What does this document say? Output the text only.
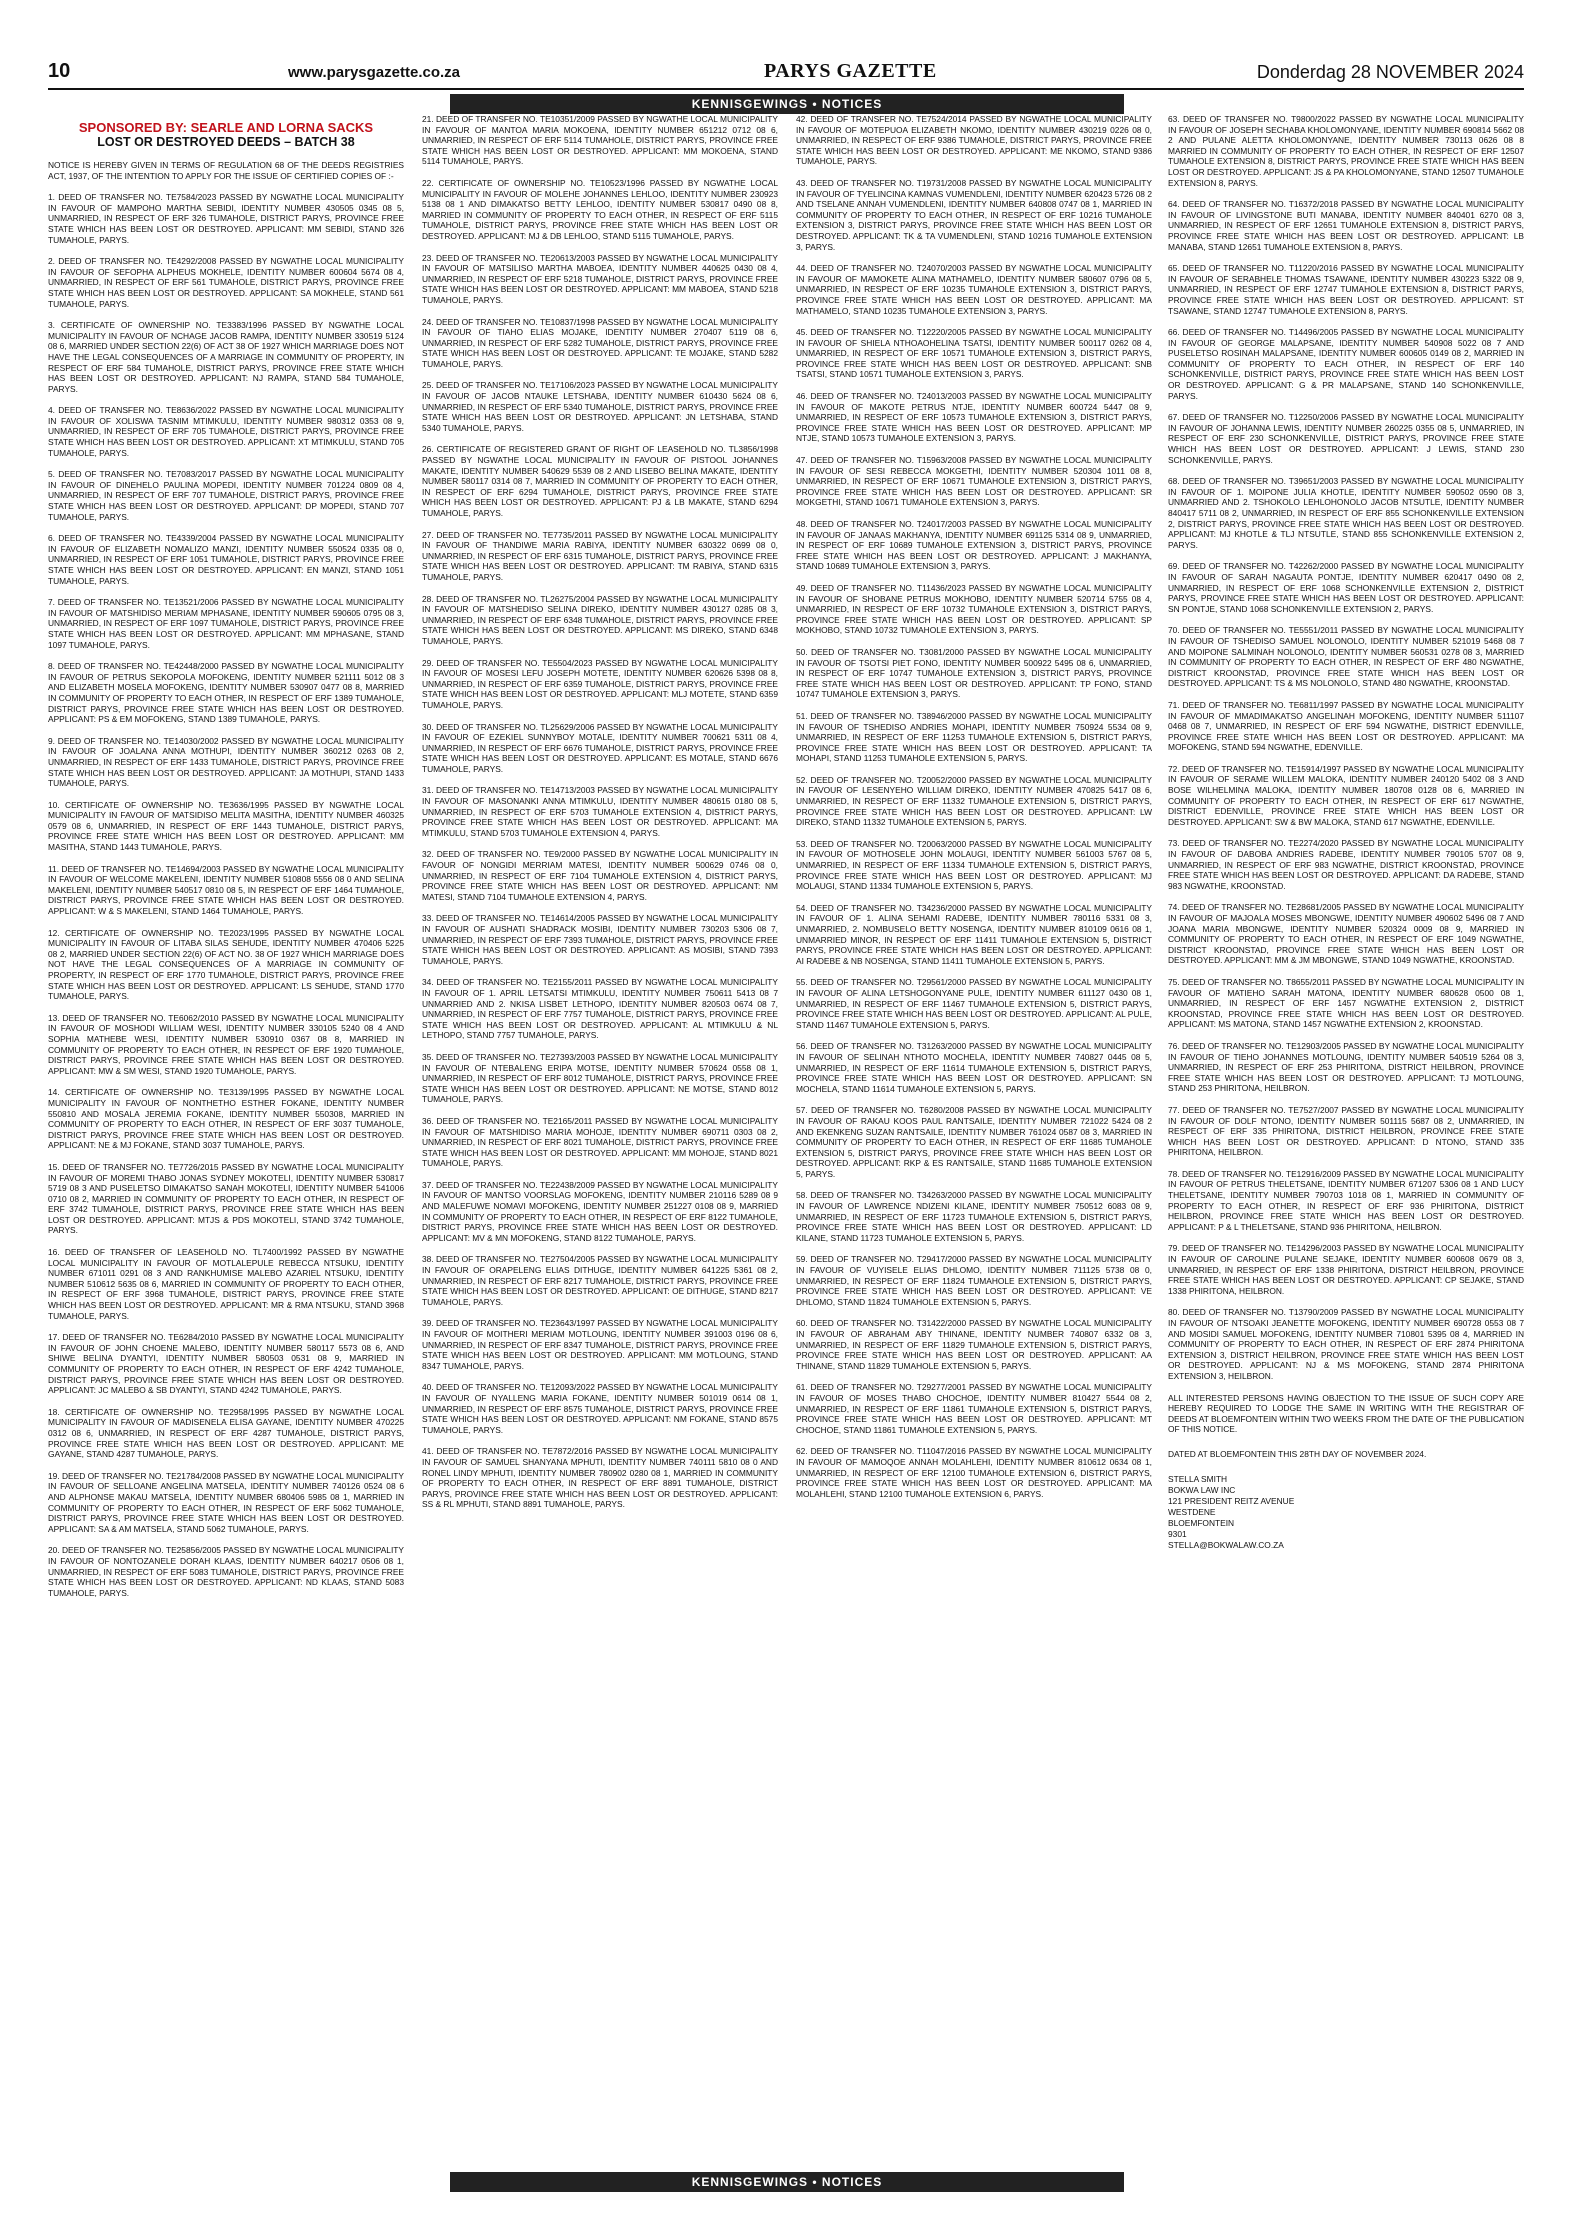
10	www.parysgazette.co.za	PARYS GAZETTE	Donderdag 28 NOVEMBER 2024
KENNISGEWINGS • NOTICES
SPONSORED BY: SEARLE AND LORNA SACKS
LOST OR DESTROYED DEEDS – BATCH 38
NOTICE IS HEREBY GIVEN IN TERMS OF REGULATION 68 OF THE DEEDS REGISTRIES ACT, 1937, OF THE INTENTION TO APPLY FOR THE ISSUE OF CERTIFIED COPIES OF :-
1. DEED OF TRANSFER NO. TE7584/2023 PASSED BY NGWATHE LOCAL MUNICIPALITY IN FAVOUR OF MAMPOHO MARTHA SEBIDI, IDENTITY NUMBER 430505 0345 08 5, UNMARRIED, IN RESPECT OF ERF 326 TUMAHOLE, DISTRICT PARYS, PROVINCE FREE STATE WHICH HAS BEEN LOST OR DESTROYED. APPLICANT: MM SEBIDI, STAND 326 TUMAHOLE, PARYS.
2. DEED OF TRANSFER NO. TE4292/2008 PASSED BY NGWATHE LOCAL MUNICIPALITY IN FAVOUR OF SEFOPHA ALPHEUS MOKHELE, IDENTITY NUMBER 600604 5674 08 4, UNMARRIED, IN RESPECT OF ERF 561 TUMAHOLE, DISTRICT PARYS, PROVINCE FREE STATE WHICH HAS BEEN LOST OR DESTROYED. APPLICANT: SA MOKHELE, STAND 561 TUMAHOLE, PARYS.
3. CERTIFICATE OF OWNERSHIP NO. TE3383/1996 PASSED BY NGWATHE LOCAL MUNICIPALITY IN FAVOUR OF NCHAGE JACOB RAMPA, IDENTITY NUMBER 330519 5124 08 6, MARRIED UNDER SECTION 22(6) OF ACT 38 OF 1927 WHICH MARRIAGE DOES NOT HAVE THE LEGAL CONSEQUENCES OF A MARRIAGE IN COMMUNITY OF PROPERTY, IN RESPECT OF ERF 584 TUMAHOLE, DISTRICT PARYS, PROVINCE FREE STATE WHICH HAS BEEN LOST OR DESTROYED. APPLICANT: NJ RAMPA, STAND 584 TUMAHOLE, PARYS.
4. DEED OF TRANSFER NO. TE8636/2022 PASSED BY NGWATHE LOCAL MUNICIPALITY IN FAVOUR OF XOLISWA TASNIM MTIMKULU, IDENTITY NUMBER 980312 0353 08 9, UNMARRIED, IN RESPECT OF ERF 705 TUMAHOLE, DISTRICT PARYS, PROVINCE FREE STATE WHICH HAS BEEN LOST OR DESTROYED. APPLICANT: XT MTIMKULU, STAND 705 TUMAHOLE, PARYS.
5. DEED OF TRANSFER NO. TE7083/2017 PASSED BY NGWATHE LOCAL MUNICIPALITY IN FAVOUR OF DINEHELO PAULINA MOPEDI, IDENTITY NUMBER 701224 0809 08 4, UNMARRIED, IN RESPECT OF ERF 707 TUMAHOLE, DISTRICT PARYS, PROVINCE FREE STATE WHICH HAS BEEN LOST OR DESTROYED. APPLICANT: DP MOPEDI, STAND 707 TUMAHOLE, PARYS.
6. DEED OF TRANSFER NO. TE4339/2004 PASSED BY NGWATHE LOCAL MUNICIPALITY IN FAVOUR OF ELIZABETH NOMALIZO MANZI, IDENTITY NUMBER 550524 0335 08 0, UNMARRIED, IN RESPECT OF ERF 1051 TUMAHOLE, DISTRICT PARYS, PROVINCE FREE STATE WHICH HAS BEEN LOST OR DESTROYED. APPLICANT: EN MANZI, STAND 1051 TUMAHOLE, PARYS.
7. DEED OF TRANSFER NO. TE13521/2006 PASSED BY NGWATHE LOCAL MUNICIPALITY IN FAVOUR OF MATSHIDISO MERIAM MPHASANE, IDENTITY NUMBER 590605 0795 08 3, UNMARRIED, IN RESPECT OF ERF 1097 TUMAHOLE, DISTRICT PARYS, PROVINCE FREE STATE WHICH HAS BEEN LOST OR DESTROYED. APPLICANT: MM MPHASANE, STAND 1097 TUMAHOLE, PARYS.
8. DEED OF TRANSFER NO. TE42448/2000 PASSED BY NGWATHE LOCAL MUNICIPALITY IN FAVOUR OF PETRUS SEKOPOLA MOFOKENG, IDENTITY NUMBER 521111 5012 08 3 AND ELIZABETH MOSELA MOFOKENG, IDENTITY NUMBER 530907 0477 08 8, MARRIED IN COMMUNITY OF PROPERTY TO EACH OTHER, IN RESPECT OF ERF 1389 TUMAHOLE, DISTRICT PARYS, PROVINCE FREE STATE WHICH HAS BEEN LOST OR DESTROYED. APPLICANT: PS & EM MOFOKENG, STAND 1389 TUMAHOLE, PARYS.
9. DEED OF TRANSFER NO. TE14030/2002 PASSED BY NGWATHE LOCAL MUNICIPALITY IN FAVOUR OF JOALANA ANNA MOTHUPI, IDENTITY NUMBER 360212 0263 08 2, UNMARRIED, IN RESPECT OF ERF 1433 TUMAHOLE, DISTRICT PARYS, PROVINCE FREE STATE WHICH HAS BEEN LOST OR DESTROYED. APPLICANT: JA MOTHUPI, STAND 1433 TUMAHOLE, PARYS.
10. CERTIFICATE OF OWNERSHIP NO. TE3636/1995 PASSED BY NGWATHE LOCAL MUNICIPALITY IN FAVOUR OF MATSIDISO MELITA MASITHA, IDENTITY NUMBER 460325 0579 08 6, UNMARRIED, IN RESPECT OF ERF 1443 TUMAHOLE, DISTRICT PARYS, PROVINCE FREE STATE WHICH HAS BEEN LOST OR DESTROYED. APPLICANT: MM MASITHA, STAND 1443 TUMAHOLE, PARYS.
11. DEED OF TRANSFER NO. TE14694/2003 PASSED BY NGWATHE LOCAL MUNICIPALITY IN FAVOUR OF WELCOME MAKELENI, IDENTITY NUMBER 510808 5556 08 0 AND SELINA MAKELENI, IDENTITY NUMBER 540517 0810 08 5, IN RESPECT OF ERF 1464 TUMAHOLE, DISTRICT PARYS, PROVINCE FREE STATE WHICH HAS BEEN LOST OR DESTROYED. APPLICANT: W & S MAKELENI, STAND 1464 TUMAHOLE, PARYS.
12. CERTIFICATE OF OWNERSHIP NO. TE2023/1995 PASSED BY NGWATHE LOCAL MUNICIPALITY IN FAVOUR OF LITABA SILAS SEHUDE, IDENTITY NUMBER 470406 5225 08 2, MARRIED UNDER SECTION 22(6) OF ACT NO. 38 OF 1927 WHICH MARRIAGE DOES NOT HAVE THE LEGAL CONSEQUENCES OF A MARRIAGE IN COMMUNITY OF PROPERTY, IN RESPECT OF ERF 1770 TUMAHOLE, DISTRICT PARYS, PROVINCE FREE STATE WHICH HAS BEEN LOST OR DESTROYED. APPLICANT: LS SEHUDE, STAND 1770 TUMAHOLE, PARYS.
13. DEED OF TRANSFER NO. TE6062/2010 PASSED BY NGWATHE LOCAL MUNICIPALITY IN FAVOUR OF MOSHODI WILLIAM WESI, IDENTITY NUMBER 330105 5240 08 4 AND SOPHIA MATHEBE WESI, IDENTITY NUMBER 530910 0367 08 8, MARRIED IN COMMUNITY OF PROPERTY TO EACH OTHER, IN RESPECT OF ERF 1920 TUMAHOLE, DISTRICT PARYS, PROVINCE FREE STATE WHICH HAS BEEN LOST OR DESTROYED. APPLICANT: MW & SM WESI, STAND 1920 TUMAHOLE, PARYS.
14. CERTIFICATE OF OWNERSHIP NO. TE3139/1995 PASSED BY NGWATHE LOCAL MUNICIPALITY IN FAVOUR OF NONTHETHO ESTHER FOKANE, IDENTITY NUMBER 550810 AND MOSALA JEREMIA FOKANE, IDENTITY NUMBER 550308, MARRIED IN COMMUNITY OF PROPERTY TO EACH OTHER, IN RESPECT OF ERF 3037 TUMAHOLE, DISTRICT PARYS, PROVINCE FREE STATE WHICH HAS BEEN LOST OR DESTROYED. APPLICANT: NE & MJ FOKANE, STAND 3037 TUMAHOLE, PARYS.
15. DEED OF TRANSFER NO. TE7726/2015 PASSED BY NGWATHE LOCAL MUNICIPALITY IN FAVOUR OF MOREMI THABO JONAS SYDNEY MOKOTELI, IDENTITY NUMBER 530817 5719 08 3 AND PUSELETSO DIMAKATSO SANAH MOKOTELI, IDENTITY NUMBER 541006 0710 08 2, MARRIED IN COMMUNITY OF PROPERTY TO EACH OTHER, IN RESPECT OF ERF 3742 TUMAHOLE, DISTRICT PARYS, PROVINCE FREE STATE WHICH HAS BEEN LOST OR DESTROYED. APPLICANT: MTJS & PDS MOKOTELI, STAND 3742 TUMAHOLE, PARYS.
16. DEED OF TRANSFER OF LEASEHOLD NO. TL7400/1992 PASSED BY NGWATHE LOCAL MUNICIPALITY IN FAVOUR OF MOTLALEPULE REBECCA NTSUKU, IDENTITY NUMBER 671011 0291 08 3 AND RANKHUMISE MALEBO AZARIEL NTSUKU, IDENTITY NUMBER 510612 5635 08 6, MARRIED IN COMMUNITY OF PROPERTY TO EACH OTHER, IN RESPECT OF ERF 3968 TUMAHOLE, DISTRICT PARYS, PROVINCE FREE STATE WHICH HAS BEEN LOST OR DESTROYED. APPLICANT: MR & RMA NTSUKU, STAND 3968 TUMAHOLE, PARYS.
17. DEED OF TRANSFER NO. TE6284/2010 PASSED BY NGWATHE LOCAL MUNICIPALITY IN FAVOUR OF JOHN CHOENE MALEBO, IDENTITY NUMBER 580117 5573 08 6, AND SHIWE BELINA DYANTYI, IDENTITY NUMBER 580503 0531 08 9, MARRIED IN COMMUNITY OF PROPERTY TO EACH OTHER, IN RESPECT OF ERF 4242 TUMAHOLE, DISTRICT PARYS, PROVINCE FREE STATE WHICH HAS BEEN LOST OR DESTROYED. APPLICANT: JC MALEBO & SB DYANTYI, STAND 4242 TUMAHOLE, PARYS.
18. CERTIFICATE OF OWNERSHIP NO. TE2958/1995 PASSED BY NGWATHE LOCAL MUNICIPALITY IN FAVOUR OF MADISENELA ELISA GAYANE, IDENTITY NUMBER 470225 0312 08 6, UNMARRIED, IN RESPECT OF ERF 4287 TUMAHOLE, DISTRICT PARYS, PROVINCE FREE STATE WHICH HAS BEEN LOST OR DESTROYED. APPLICANT: ME GAYANE, STAND 4287 TUMAHOLE, PARYS.
19. DEED OF TRANSFER NO. TE21784/2008 PASSED BY NGWATHE LOCAL MUNICIPALITY IN FAVOUR OF SELLOANE ANGELINA MATSELA, IDENTITY NUMBER 740126 0524 08 6 AND ALPHONSE MAKAU MATSELA, IDENTITY NUMBER 680406 5985 08 1, MARRIED IN COMMUNITY OF PROPERTY TO EACH OTHER, IN RESPECT OF ERF 5062 TUMAHOLE, DISTRICT PARYS, PROVINCE FREE STATE WHICH HAS BEEN LOST OR DESTROYED. APPLICANT: SA & AM MATSELA, STAND 5062 TUMAHOLE, PARYS.
20. DEED OF TRANSFER NO. TE25856/2005 PASSED BY NGWATHE LOCAL MUNICIPALITY IN FAVOUR OF NONTOZANELE DORAH KLAAS, IDENTITY NUMBER 640217 0506 08 1, UNMARRIED, IN RESPECT OF ERF 5083 TUMAHOLE, DISTRICT PARYS, PROVINCE FREE STATE WHICH HAS BEEN LOST OR DESTROYED. APPLICANT: ND KLAAS, STAND 5083 TUMAHOLE, PARYS.
21. DEED OF TRANSFER NO. TE10351/2009 PASSED BY NGWATHE LOCAL MUNICIPALITY IN FAVOUR OF MANTOA MARIA MOKOENA, IDENTITY NUMBER 651212 0712 08 6, UNMARRIED, IN RESPECT OF ERF 5114 TUMAHOLE, DISTRICT PARYS, PROVINCE FREE STATE WHICH HAS BEEN LOST OR DESTROYED. APPLICANT: MM MOKOENA, STAND 5114 TUMAHOLE, PARYS.
22. CERTIFICATE OF OWNERSHIP NO. TE10523/1996 PASSED BY NGWATHE LOCAL MUNICIPALITY IN FAVOUR OF MOLEHE JOHANNES LEHLOO, IDENTITY NUMBER 230923 5138 08 1 AND DIMAKATSO BETTY LEHLOO, IDENTITY NUMBER 530817 0490 08 8, MARRIED IN COMMUNITY OF PROPERTY TO EACH OTHER, IN RESPECT OF ERF 5115 TUMAHOLE, DISTRICT PARYS, PROVINCE FREE STATE WHICH HAS BEEN LOST OR DESTROYED. APPLICANT: MJ & DB LEHLOO, STAND 5115 TUMAHOLE, PARYS.
23. DEED OF TRANSFER NO. TE20613/2003 PASSED BY NGWATHE LOCAL MUNICIPALITY IN FAVOUR OF MATSILISO MARTHA MABOEA, IDENTITY NUMBER 440625 0430 08 4, UNMARRIED, IN RESPECT OF ERF 5218 TUMAHOLE, DISTRICT PARYS, PROVINCE FREE STATE WHICH HAS BEEN LOST OR DESTROYED. APPLICANT: MM MABOEA, STAND 5218 TUMAHOLE, PARYS.
24. DEED OF TRANSFER NO. TE10837/1998 PASSED BY NGWATHE LOCAL MUNICIPALITY IN FAVOUR OF TIAHO ELIAS MOJAKE, IDENTITY NUMBER 270407 5119 08 6, UNMARRIED, IN RESPECT OF ERF 5282 TUMAHOLE, DISTRICT PARYS, PROVINCE FREE STATE WHICH HAS BEEN LOST OR DESTROYED. APPLICANT: TE MOJAKE, STAND 5282 TUMAHOLE, PARYS.
25. DEED OF TRANSFER NO. TE17106/2023 PASSED BY NGWATHE LOCAL MUNICIPALITY IN FAVOUR OF JACOB NTAUKE LETSHABA, IDENTITY NUMBER 610430 5624 08 6, UNMARRIED, IN RESPECT OF ERF 5340 TUMAHOLE, DISTRICT PARYS, PROVINCE FREE STATE WHICH HAS BEEN LOST OR DESTROYED. APPLICANT: JN LETSHABA, STAND 5340 TUMAHOLE, PARYS.
26. CERTIFICATE OF REGISTERED GRANT OF RIGHT OF LEASEHOLD NO. TL3856/1998 PASSED BY NGWATHE LOCAL MUNICIPALITY IN FAVOUR OF PISTOOL JOHANNES MAKATE, IDENTITY NUMBER 540629 5539 08 2 AND LISEBO BELINA MAKATE, IDENTITY NUMBER 580117 0314 08 7, MARRIED IN COMMUNITY OF PROPERTY TO EACH OTHER, IN RESPECT OF ERF 6294 TUMAHOLE, DISTRICT PARYS, PROVINCE FREE STATE WHICH HAS BEEN LOST OR DESTROYED. APPLICANT: PJ & LB MAKATE, STAND 6294 TUMAHOLE, PARYS.
27. DEED OF TRANSFER NO. TE7735/2011 PASSED BY NGWATHE LOCAL MUNICIPALITY IN FAVOUR OF THANDIWE MARIA RABIYA, IDENTITY NUMBER 630322 0699 08 0, UNMARRIED, IN RESPECT OF ERF 6315 TUMAHOLE, DISTRICT PARYS, PROVINCE FREE STATE WHICH HAS BEEN LOST OR DESTROYED. APPLICANT: TM RABIYA, STAND 6315 TUMAHOLE, PARYS.
28. DEED OF TRANSFER NO. TL26275/2004 PASSED BY NGWATHE LOCAL MUNICIPALITY IN FAVOUR OF MATSHEDISO SELINA DIREKO, IDENTITY NUMBER 430127 0285 08 3, UNMARRIED, IN RESPECT OF ERF 6348 TUMAHOLE, DISTRICT PARYS, PROVINCE FREE STATE WHICH HAS BEEN LOST OR DESTROYED. APPLICANT: MS DIREKO, STAND 6348 TUMAHOLE, PARYS.
29. DEED OF TRANSFER NO. TE5504/2023 PASSED BY NGWATHE LOCAL MUNICIPALITY IN FAVOUR OF MOSESI LEFU JOSEPH MOTETE, IDENTITY NUMBER 620626 5398 08 8, UNMARRIED, IN RESPECT OF ERF 6359 TUMAHOLE, DISTRICT PARYS, PROVINCE FREE STATE WHICH HAS BEEN LOST OR DESTROYED. APPLICANT: MLJ MOTETE, STAND 6359 TUMAHOLE, PARYS.
30. DEED OF TRANSFER NO. TL25629/2006 PASSED BY NGWATHE LOCAL MUNICIPALITY IN FAVOUR OF EZEKIEL SUNNYBOY MOTALE, IDENTITY NUMBER 700621 5311 08 4, UNMARRIED, IN RESPECT OF ERF 6676 TUMAHOLE, DISTRICT PARYS, PROVINCE FREE STATE WHICH HAS BEEN LOST OR DESTROYED. APPLICANT: ES MOTALE, STAND 6676 TUMAHOLE, PARYS.
31. DEED OF TRANSFER NO. TE14713/2003 PASSED BY NGWATHE LOCAL MUNICIPALITY IN FAVOUR OF MASONANKI ANNA MTIMKULU, IDENTITY NUMBER 480615 0180 08 5, UNMARRIED, IN RESPECT OF ERF 5703 TUMAHOLE EXTENSION 4, DISTRICT PARYS, PROVINCE FREE STATE WHICH HAS BEEN LOST OR DESTROYED. APPLICANT: MA MTIMKULU, STAND 5703 TUMAHOLE EXTENSION 4, PARYS.
32. DEED OF TRANSFER NO. TE9/2000 PASSED BY NGWATHE LOCAL MUNICIPALITY IN FAVOUR OF NONGIDI MERRIAM MATESI, IDENTITY NUMBER 500629 0746 08 0, UNMARRIED, IN RESPECT OF ERF 7104 TUMAHOLE EXTENSION 4, DISTRICT PARYS, PROVINCE FREE STATE WHICH HAS BEEN LOST OR DESTROYED. APPLICANT: NM MATESI, STAND 7104 TUMAHOLE EXTENSION 4, PARYS.
33. DEED OF TRANSFER NO. TE14614/2005 PASSED BY NGWATHE LOCAL MUNICIPALITY IN FAVOUR OF AUSHATI SHADRACK MOSIBI, IDENTITY NUMBER 730203 5306 08 7, UNMARRIED, IN RESPECT OF ERF 7393 TUMAHOLE, DISTRICT PARYS, PROVINCE FREE STATE WHICH HAS BEEN LOST OR DESTROYED. APPLICANT: AS MOSIBI, STAND 7393 TUMAHOLE, PARYS.
34. DEED OF TRANSFER NO. TE2155/2011 PASSED BY NGWATHE LOCAL MUNICIPALITY IN FAVOUR OF 1. APRIL LETSATSI MTIMKULU, IDENTITY NUMBER 750611 5413 08 7 UNMARRIED AND 2. NKISA LISBET LETHOPO, IDENTITY NUMBER 820503 0674 08 7, UNMARRIED, IN RESPECT OF ERF 7757 TUMAHOLE, DISTRICT PARYS, PROVINCE FREE STATE WHICH HAS BEEN LOST OR DESTROYED. APPLICANT: AL MTIMKULU & NL LETHOPO, STAND 7757 TUMAHOLE, PARYS.
35. DEED OF TRANSFER NO. TE27393/2003 PASSED BY NGWATHE LOCAL MUNICIPALITY IN FAVOUR OF NTEBALENG ERIPA MOTSE, IDENTITY NUMBER 570624 0558 08 1, UNMARRIED, IN RESPECT OF ERF 8012 TUMAHOLE, DISTRICT PARYS, PROVINCE FREE STATE WHICH HAS BEEN LOST OR DESTROYED. APPLICANT: NE MOTSE, STAND 8012 TUMAHOLE, PARYS.
36. DEED OF TRANSFER NO. TE2165/2011 PASSED BY NGWATHE LOCAL MUNICIPALITY IN FAVOUR OF MATSHIDISO MARIA MOHOJE, IDENTITY NUMBER 690711 0303 08 2, UNMARRIED, IN RESPECT OF ERF 8021 TUMAHOLE, DISTRICT PARYS, PROVINCE FREE STATE WHICH HAS BEEN LOST OR DESTROYED. APPLICANT: MM MOHOJE, STAND 8021 TUMAHOLE, PARYS.
37. DEED OF TRANSFER NO. TE22438/2009 PASSED BY NGWATHE LOCAL MUNICIPALITY IN FAVOUR OF MANTSO VOORSLAG MOFOKENG, IDENTITY NUMBER 210116 5289 08 9 AND MALEFUWE NOMAVI MOFOKENG, IDENTITY NUMBER 251227 0108 08 9, MARRIED IN COMMUNITY OF PROPERTY TO EACH OTHER, IN RESPECT OF ERF 8122 TUMAHOLE, DISTRICT PARYS, PROVINCE FREE STATE WHICH HAS BEEN LOST OR DESTROYED. APPLICANT: MV & MN MOFOKENG, STAND 8122 TUMAHOLE, PARYS.
38. DEED OF TRANSFER NO. TE27504/2005 PASSED BY NGWATHE LOCAL MUNICIPALITY IN FAVOUR OF ORAPELENG ELIAS DITHUGE, IDENTITY NUMBER 641225 5361 08 2, UNMARRIED, IN RESPECT OF ERF 8217 TUMAHOLE, DISTRICT PARYS, PROVINCE FREE STATE WHICH HAS BEEN LOST OR DESTROYED. APPLICANT: OE DITHUGE, STAND 8217 TUMAHOLE, PARYS.
39. DEED OF TRANSFER NO. TE23643/1997 PASSED BY NGWATHE LOCAL MUNICIPALITY IN FAVOUR OF MOITHERI MERIAM MOTLOUNG, IDENTITY NUMBER 391003 0196 08 6, UNMARRIED, IN RESPECT OF ERF 8347 TUMAHOLE, DISTRICT PARYS, PROVINCE FREE STATE WHICH HAS BEEN LOST OR DESTROYED. APPLICANT: MM MOTLOUNG, STAND 8347 TUMAHOLE, PARYS.
40. DEED OF TRANSFER NO. TE12093/2022 PASSED BY NGWATHE LOCAL MUNICIPALITY IN FAVOUR OF NYALLENG MARIA FOKANE, IDENTITY NUMBER 501019 0614 08 1, UNMARRIED, IN RESPECT OF ERF 8575 TUMAHOLE, DISTRICT PARYS, PROVINCE FREE STATE WHICH HAS BEEN LOST OR DESTROYED. APPLICANT: NM FOKANE, STAND 8575 TUMAHOLE, PARYS.
41. DEED OF TRANSFER NO. TE7872/2016 PASSED BY NGWATHE LOCAL MUNICIPALITY IN FAVOUR OF SAMUEL SHANYANA MPHUTI, IDENTITY NUMBER 740111 5810 08 0 AND RONEL LINDY MPHUTI, IDENTITY NUMBER 780902 0280 08 1, MARRIED IN COMMUNITY OF PROPERTY TO EACH OTHER, IN RESPECT OF ERF 8891 TUMAHOLE, DISTRICT PARYS, PROVINCE FREE STATE WHICH HAS BEEN LOST OR DESTROYED. APPLICANT: SS & RL MPHUTI, STAND 8891 TUMAHOLE, PARYS.
42. DEED OF TRANSFER NO. TE7524/2014 PASSED BY NGWATHE LOCAL MUNICIPALITY IN FAVOUR OF MOTEPUOA ELIZABETH NKOMO, IDENTITY NUMBER 430219 0226 08 0, UNMARRIED, IN RESPECT OF ERF 9386 TUMAHOLE, DISTRICT PARYS, PROVINCE FREE STATE WHICH HAS BEEN LOST OR DESTROYED. APPLICANT: ME NKOMO, STAND 9386 TUMAHOLE, PARYS.
43. DEED OF TRANSFER NO. T19731/2008 PASSED BY NGWATHE LOCAL MUNICIPALITY IN FAVOUR OF TYELINCINA KAMNAS VUMENDLENI, IDENTITY NUMBER 620423 5726 08 2 AND TSELANE ANNAH VUMENDLENI, IDENTITY NUMBER 640808 0747 08 1, MARRIED IN COMMUNITY OF PROPERTY TO EACH OTHER, IN RESPECT OF ERF 10216 TUMAHOLE EXTENSION 3, DISTRICT PARYS, PROVINCE FREE STATE WHICH HAS BEEN LOST OR DESTROYED. APPLICANT: TK & TA VUMENDLENI, STAND 10216 TUMAHOLE EXTENSION 3, PARYS.
44. DEED OF TRANSFER NO. T24070/2003 PASSED BY NGWATHE LOCAL MUNICIPALITY IN FAVOUR OF MAMOKETE ALINA MATHAMELO, IDENTITY NUMBER 580607 0796 08 5, UNMARRIED, IN RESPECT OF ERF 10235 TUMAHOLE EXTENSION 3, DISTRICT PARYS, PROVINCE FREE STATE WHICH HAS BEEN LOST OR DESTROYED. APPLICANT: MA MATHAMELO, STAND 10235 TUMAHOLE EXTENSION 3, PARYS.
45. DEED OF TRANSFER NO. T12220/2005 PASSED BY NGWATHE LOCAL MUNICIPALITY IN FAVOUR OF SHIELA NTHOAOHELINA TSATSI, IDENTITY NUMBER 500117 0262 08 4, UNMARRIED, IN RESPECT OF ERF 10571 TUMAHOLE EXTENSION 3, DISTRICT PARYS, PROVINCE FREE STATE WHICH HAS BEEN LOST OR DESTROYED. APPLICANT: SNB TSATSI, STAND 10571 TUMAHOLE EXTENSION 3, PARYS.
46. DEED OF TRANSFER NO. T24013/2003 PASSED BY NGWATHE LOCAL MUNICIPALITY IN FAVOUR OF MAKOTE PETRUS NTJE, IDENTITY NUMBER 600724 5447 08 9, UNMARRIED, IN RESPECT OF ERF 10573 TUMAHOLE EXTENSION 3, DISTRICT PARYS, PROVINCE FREE STATE WHICH HAS BEEN LOST OR DESTROYED. APPLICANT: MP NTJE, STAND 10573 TUMAHOLE EXTENSION 3, PARYS.
47. DEED OF TRANSFER NO. T15963/2008 PASSED BY NGWATHE LOCAL MUNICIPALITY IN FAVOUR OF SESI REBECCA MOKGETHI, IDENTITY NUMBER 520304 1011 08 8, UNMARRIED, IN RESPECT OF ERF 10671 TUMAHOLE EXTENSION 3, DISTRICT PARYS, PROVINCE FREE STATE WHICH HAS BEEN LOST OR DESTROYED. APPLICANT: SR MOKGETHI, STAND 10671 TUMAHOLE EXTENSION 3, PARYS.
48. DEED OF TRANSFER NO. T24017/2003 PASSED BY NGWATHE LOCAL MUNICIPALITY IN FAVOUR OF JANAAS MAKHANYA, IDENTITY NUMBER 691125 5314 08 9, UNMARRIED, IN RESPECT OF ERF 10689 TUMAHOLE EXTENSION 3, DISTRICT PARYS, PROVINCE FREE STATE WHICH HAS BEEN LOST OR DESTROYED. APPLICANT: J MAKHANYA, STAND 10689 TUMAHOLE EXTENSION 3, PARYS.
49. DEED OF TRANSFER NO. T11436/2023 PASSED BY NGWATHE LOCAL MUNICIPALITY IN FAVOUR OF SHOBANE PETRUS MOKHOBO, IDENTITY NUMBER 520714 5755 08 4, UNMARRIED, IN RESPECT OF ERF 10732 TUMAHOLE EXTENSION 3, DISTRICT PARYS, PROVINCE FREE STATE WHICH HAS BEEN LOST OR DESTROYED. APPLICANT: SP MOKHOBO, STAND 10732 TUMAHOLE EXTENSION 3, PARYS.
50. DEED OF TRANSFER NO. T3081/2000 PASSED BY NGWATHE LOCAL MUNICIPALITY IN FAVOUR OF TSOTSI PIET FONO, IDENTITY NUMBER 500922 5495 08 6, UNMARRIED, IN RESPECT OF ERF 10747 TUMAHOLE EXTENSION 3, DISTRICT PARYS, PROVINCE FREE STATE WHICH HAS BEEN LOST OR DESTROYED. APPLICANT: TP FONO, STAND 10747 TUMAHOLE EXTENSION 3, PARYS.
51. DEED OF TRANSFER NO. T38946/2000 PASSED BY NGWATHE LOCAL MUNICIPALITY IN FAVOUR OF TSHEDISO ANDRIES MOHAPI, IDENTITY NUMBER 750924 5534 08 9, UNMARRIED, IN RESPECT OF ERF 11253 TUMAHOLE EXTENSION 5, DISTRICT PARYS, PROVINCE FREE STATE WHICH HAS BEEN LOST OR DESTROYED. APPLICANT: TA MOHAPI, STAND 11253 TUMAHOLE EXTENSION 5, PARYS.
52. DEED OF TRANSFER NO. T20052/2000 PASSED BY NGWATHE LOCAL MUNICIPALITY IN FAVOUR OF LESENYEHO WILLIAM DIREKO, IDENTITY NUMBER 470825 5417 08 6, UNMARRIED, IN RESPECT OF ERF 11332 TUMAHOLE EXTENSION 5, DISTRICT PARYS, PROVINCE FREE STATE WHICH HAS BEEN LOST OR DESTROYED. APPLICANT: LW DIREKO, STAND 11332 TUMAHOLE EXTENSION 5, PARYS.
53. DEED OF TRANSFER NO. T20063/2000 PASSED BY NGWATHE LOCAL MUNICIPALITY IN FAVOUR OF MOTHOSELE JOHN MOLAUGI, IDENTITY NUMBER 561003 5767 08 5, UNMARRIED, IN RESPECT OF ERF 11334 TUMAHOLE EXTENSION 5, DISTRICT PARYS, PROVINCE FREE STATE WHICH HAS BEEN LOST OR DESTROYED. APPLICANT: MJ MOLAUGI, STAND 11334 TUMAHOLE EXTENSION 5, PARYS.
54. DEED OF TRANSFER NO. T34236/2000 PASSED BY NGWATHE LOCAL MUNICIPALITY IN FAVOUR OF 1. ALINA SEHAMI RADEBE, IDENTITY NUMBER 780116 5331 08 3, UNMARRIED, 2. NOMBUSELO BETTY NOSENGA, IDENTITY NUMBER 810109 0616 08 1, UNMARRIED MINOR, IN RESPECT OF ERF 11411 TUMAHOLE EXTENSION 5, DISTRICT PARYS, PROVINCE FREE STATE WHICH HAS BEEN LOST OR DESTROYED. APPLICANT: AI RADEBE & NB NOSENGA, STAND 11411 TUMAHOLE EXTENSION 5, PARYS.
55. DEED OF TRANSFER NO. T29561/2000 PASSED BY NGWATHE LOCAL MUNICIPALITY IN FAVOUR OF ALINA LETSHOGONYANE PULE, IDENTITY NUMBER 611127 0430 08 1, UNMARRIED, IN RESPECT OF ERF 11467 TUMAHOLE EXTENSION 5, DISTRICT PARYS, PROVINCE FREE STATE WHICH HAS BEEN LOST OR DESTROYED. APPLICANT: AL PULE, STAND 11467 TUMAHOLE EXTENSION 5, PARYS.
56. DEED OF TRANSFER NO. T31263/2000 PASSED BY NGWATHE LOCAL MUNICIPALITY IN FAVOUR OF SELINAH NTHOTO MOCHELA, IDENTITY NUMBER 740827 0445 08 5, UNMARRIED, IN RESPECT OF ERF 11614 TUMAHOLE EXTENSION 5, DISTRICT PARYS, PROVINCE FREE STATE WHICH HAS BEEN LOST OR DESTROYED. APPLICANT: SN MOCHELA, STAND 11614 TUMAHOLE EXTENSION 5, PARYS.
57. DEED OF TRANSFER NO. T6280/2008 PASSED BY NGWATHE LOCAL MUNICIPALITY IN FAVOUR OF RAKAU KOOS PAUL RANTSAILE, IDENTITY NUMBER 721022 5424 08 2 AND EKENKENG SUZAN RANTSAILE, IDENTITY NUMBER 761024 0587 08 3, MARRIED IN COMMUNITY OF PROPERTY TO EACH OTHER, IN RESPECT OF ERF 11685 TUMAHOLE EXTENSION 5, DISTRICT PARYS, PROVINCE FREE STATE WHICH HAS BEEN LOST OR DESTROYED. APPLICANT: RKP & ES RANTSAILE, STAND 11685 TUMAHOLE EXTENSION 5, PARYS.
58. DEED OF TRANSFER NO. T34263/2000 PASSED BY NGWATHE LOCAL MUNICIPALITY IN FAVOUR OF LAWRENCE NDIZENI KILANE, IDENTITY NUMBER 750512 6083 08 9, UNMARRIED, IN RESPECT OF ERF 11723 TUMAHOLE EXTENSION 5, DISTRICT PARYS, PROVINCE FREE STATE WHICH HAS BEEN LOST OR DESTROYED. APPLICANT: LD KILANE, STAND 11723 TUMAHOLE EXTENSION 5, PARYS.
59. DEED OF TRANSFER NO. T29417/2000 PASSED BY NGWATHE LOCAL MUNICIPALITY IN FAVOUR OF VUYISELE ELIAS DHLOMO, IDENTITY NUMBER 711125 5738 08 0, UNMARRIED, IN RESPECT OF ERF 11824 TUMAHOLE EXTENSION 5, DISTRICT PARYS, PROVINCE FREE STATE WHICH HAS BEEN LOST OR DESTROYED. APPLICANT: VE DHLOMO, STAND 11824 TUMAHOLE EXTENSION 5, PARYS.
60. DEED OF TRANSFER NO. T31422/2000 PASSED BY NGWATHE LOCAL MUNICIPALITY IN FAVOUR OF ABRAHAM ABY THINANE, IDENTITY NUMBER 740807 6332 08 3, UNMARRIED, IN RESPECT OF ERF 11829 TUMAHOLE EXTENSION 5, DISTRICT PARYS, PROVINCE FREE STATE WHICH HAS BEEN LOST OR DESTROYED. APPLICANT: AA THINANE, STAND 11829 TUMAHOLE EXTENSION 5, PARYS.
61. DEED OF TRANSFER NO. T29277/2001 PASSED BY NGWATHE LOCAL MUNICIPALITY IN FAVOUR OF MOSES THABO CHOCHOE, IDENTITY NUMBER 810427 5544 08 2, UNMARRIED, IN RESPECT OF ERF 11861 TUMAHOLE EXTENSION 5, DISTRICT PARYS, PROVINCE FREE STATE WHICH HAS BEEN LOST OR DESTROYED. APPLICANT: MT CHOCHOE, STAND 11861 TUMAHOLE EXTENSION 5, PARYS.
62. DEED OF TRANSFER NO. T11047/2016 PASSED BY NGWATHE LOCAL MUNICIPALITY IN FAVOUR OF MAMOQOE ANNAH MOLAHLEHI, IDENTITY NUMBER 810612 0634 08 1, UNMARRIED, IN RESPECT OF ERF 12100 TUMAHOLE EXTENSION 6, DISTRICT PARYS, PROVINCE FREE STATE WHICH HAS BEEN LOST OR DESTROYED. APPLICANT: MA MOLAHLEHI, STAND 12100 TUMAHOLE EXTENSION 6, PARYS.
63. DEED OF TRANSFER NO. T9800/2022 PASSED BY NGWATHE LOCAL MUNICIPALITY IN FAVOUR OF JOSEPH SECHABA KHOLOMONYANE, IDENTITY NUMBER 690814 5662 08 2 AND PULANE ALETTA KHOLOMONYANE, IDENTITY NUMBER 730113 0626 08 8 MARRIED IN COMMUNITY OF PROPERTY TO EACH OTHER, IN RESPECT OF ERF 12507 TUMAHOLE EXTENSION 8, DISTRICT PARYS, PROVINCE FREE STATE WHICH HAS BEEN LOST OR DESTROYED. APPLICANT: JS & PA KHOLOMONYANE, STAND 12507 TUMAHOLE EXTENSION 8, PARYS.
64. DEED OF TRANSFER NO. T16372/2018 PASSED BY NGWATHE LOCAL MUNICIPALITY IN FAVOUR OF LIVINGSTONE BUTI MANABA, IDENTITY NUMBER 840401 6270 08 3, UNMARRIED, IN RESPECT OF ERF 12651 TUMAHOLE EXTENSION 8, DISTRICT PARYS, PROVINCE FREE STATE WHICH HAS BEEN LOST OR DESTROYED. APPLICANT: LB MANABA, STAND 12651 TUMAHOLE EXTENSION 8, PARYS.
65. DEED OF TRANSFER NO. T11220/2016 PASSED BY NGWATHE LOCAL MUNICIPALITY IN FAVOUR OF SERABHELE THOMAS TSAWANE, IDENTITY NUMBER 430223 5322 08 9, UNMARRIED, IN RESPECT OF ERF 12747 TUMAHOLE EXTENSION 8, DISTRICT PARYS, PROVINCE FREE STATE WHICH HAS BEEN LOST OR DESTROYED. APPLICANT: ST TSAWANE, STAND 12747 TUMAHOLE EXTENSION 8, PARYS.
66. DEED OF TRANSFER NO. T14496/2005 PASSED BY NGWATHE LOCAL MUNICIPALITY IN FAVOUR OF GEORGE MALAPSANE, IDENTITY NUMBER 540908 5022 08 7 AND PUSELETSO ROSINAH MALAPSANE, IDENTITY NUMBER 600605 0149 08 2, MARRIED IN COMMUNITY OF PROPERTY TO EACH OTHER, IN RESPECT OF ERF 140 SCHONKENVILLE, DISTRICT PARYS, PROVINCE FREE STATE WHICH HAS BEEN LOST OR DESTROYED. APPLICANT: G & PR MALAPSANE, STAND 140 SCHONKENVILLE, PARYS.
67. DEED OF TRANSFER NO. T12250/2006 PASSED BY NGWATHE LOCAL MUNICIPALITY IN FAVOUR OF JOHANNA LEWIS, IDENTITY NUMBER 260225 0355 08 5, UNMARRIED, IN RESPECT OF ERF 230 SCHONKENVILLE, DISTRICT PARYS, PROVINCE FREE STATE WHICH HAS BEEN LOST OR DESTROYED. APPLICANT: J LEWIS, STAND 230 SCHONKENVILLE, PARYS.
68. DEED OF TRANSFER NO. T39651/2003 PASSED BY NGWATHE LOCAL MUNICIPALITY IN FAVOUR OF 1. MOIPONE JULIA KHOTLE, IDENTITY NUMBER 590502 0590 08 3, UNMARRIED AND 2. TSHOKOLO LEHLOHONOLO JACOB NTSUTLE, IDENTITY NUMBER 840417 5711 08 2, UNMARRIED, IN RESPECT OF ERF 855 SCHONKENVILLE EXTENSION 2, DISTRICT PARYS, PROVINCE FREE STATE WHICH HAS BEEN LOST OR DESTROYED. APPLICANT: MJ KHOTLE & TLJ NTSUTLE, STAND 855 SCHONKENVILLE EXTENSION 2, PARYS.
69. DEED OF TRANSFER NO. T42262/2000 PASSED BY NGWATHE LOCAL MUNICIPALITY IN FAVOUR OF SARAH NAGAUTA PONTJE, IDENTITY NUMBER 620417 0490 08 2, UNMARRIED, IN RESPECT OF ERF 1068 SCHONKENVILLE EXTENSION 2, DISTRICT PARYS, PROVINCE FREE STATE WHICH HAS BEEN LOST OR DESTROYED. APPLICANT: SN PONTJE, STAND 1068 SCHONKENVILLE EXTENSION 2, PARYS.
70. DEED OF TRANSFER NO. TE5551/2011 PASSED BY NGWATHE LOCAL MUNICIPALITY IN FAVOUR OF TSHEDISO SAMUEL NOLONOLO, IDENTITY NUMBER 521019 5468 08 7 AND MOIPONE SALMINAH NOLONOLO, IDENTITY NUMBER 560531 0278 08 3, MARRIED IN COMMUNITY OF PROPERTY TO EACH OTHER, IN RESPECT OF ERF 480 NGWATHE, DISTRICT KROONSTAD, PROVINCE FREE STATE WHICH HAS BEEN LOST OR DESTROYED. APPLICANT: TS & MS NOLONOLO, STAND 480 NGWATHE, KROONSTAD.
71. DEED OF TRANSFER NO. TE6811/1997 PASSED BY NGWATHE LOCAL MUNICIPALITY IN FAVOUR OF MMADIMAKATSO ANGELINAH MOFOKENG, IDENTITY NUMBER 511107 0468 08 7, UNMARRIED, IN RESPECT OF ERF 594 NGWATHE, DISTRICT EDENVILLE, PROVINCE FREE STATE WHICH HAS BEEN LOST OR DESTROYED. APPLICANT: MA MOFOKENG, STAND 594 NGWATHE, EDENVILLE.
72. DEED OF TRANSFER NO. TE15914/1997 PASSED BY NGWATHE LOCAL MUNICIPALITY IN FAVOUR OF SERAME WILLEM MALOKA, IDENTITY NUMBER 240120 5402 08 3 AND BOSE WILHELMINA MALOKA, IDENTITY NUMBER 180708 0128 08 6, MARRIED IN COMMUNITY OF PROPERTY TO EACH OTHER, IN RESPECT OF ERF 617 NGWATHE, DISTRICT EDENVILLE, PROVINCE FREE STATE WHICH HAS BEEN LOST OR DESTROYED. APPLICANT: SW & BW MALOKA, STAND 617 NGWATHE, EDENVILLE.
73. DEED OF TRANSFER NO. TE2274/2020 PASSED BY NGWATHE LOCAL MUNICIPALITY IN FAVOUR OF DABOBA ANDRIES RADEBE, IDENTITY NUMBER 790105 5707 08 9, UNMARRIED, IN RESPECT OF ERF 983 NGWATHE, DISTRICT KROONSTAD, PROVINCE FREE STATE WHICH HAS BEEN LOST OR DESTROYED. APPLICANT: DA RADEBE, STAND 983 NGWATHE, KROONSTAD.
74. DEED OF TRANSFER NO. TE28681/2005 PASSED BY NGWATHE LOCAL MUNICIPALITY IN FAVOUR OF MAJOALA MOSES MBONGWE, IDENTITY NUMBER 490602 5496 08 7 AND JOANA MARIA MBONGWE, IDENTITY NUMBER 520324 0009 08 9, MARRIED IN COMMUNITY OF PROPERTY TO EACH OTHER, IN RESPECT OF ERF 1049 NGWATHE, DISTRICT KROONSTAD, PROVINCE FREE STATE WHICH HAS BEEN LOST OR DESTROYED. APPLICANT: MM & JM MBONGWE, STAND 1049 NGWATHE, KROONSTAD.
75. DEED OF TRANSFER NO. T8655/2011 PASSED BY NGWATHE LOCAL MUNICIPALITY IN FAVOUR OF MATIEHO SARAH MATONA, IDENTITY NUMBER 680628 0500 08 1, UNMARRIED, IN RESPECT OF ERF 1457 NGWATHE EXTENSION 2, DISTRICT KROONSTAD, PROVINCE FREE STATE WHICH HAS BEEN LOST OR DESTROYED. APPLICANT: MS MATONA, STAND 1457 NGWATHE EXTENSION 2, KROONSTAD.
76. DEED OF TRANSFER NO. TE12903/2005 PASSED BY NGWATHE LOCAL MUNICIPALITY IN FAVOUR OF TIEHO JOHANNES MOTLOUNG, IDENTITY NUMBER 540519 5264 08 3, UNMARRIED, IN RESPECT OF ERF 253 PHIRITONA, DISTRICT HEILBRON, PROVINCE FREE STATE WHICH HAS BEEN LOST OR DESTROYED. APPLICANT: TJ MOTLOUNG, STAND 253 PHIRITONA, HEILBRON.
77. DEED OF TRANSFER NO. TE7527/2007 PASSED BY NGWATHE LOCAL MUNICIPALITY IN FAVOUR OF DOLF NTONO, IDENTITY NUMBER 501115 5687 08 2, UNMARRIED, IN RESPECT OF ERF 335 PHIRITONA, DISTRICT HEILBRON, PROVINCE FREE STATE WHICH HAS BEEN LOST OR DESTROYED. APPLICANT: D NTONO, STAND 335 PHIRITONA, HEILBRON.
78. DEED OF TRANSFER NO. TE12916/2009 PASSED BY NGWATHE LOCAL MUNICIPALITY IN FAVOUR OF PETRUS THELETSANE, IDENTITY NUMBER 671207 5306 08 1 AND LUCY THELETSANE, IDENTITY NUMBER 790703 1018 08 1, MARRIED IN COMMUNITY OF PROPERTY TO EACH OTHER, IN RESPECT OF ERF 936 PHIRITONA, DISTRICT HEILBRON, PROVINCE FREE STATE WHICH HAS BEEN LOST OR DESTROYED. APPLICANT: P & L THELETSANE, STAND 936 PHIRITONA, HEILBRON.
79. DEED OF TRANSFER NO. TE14296/2003 PASSED BY NGWATHE LOCAL MUNICIPALITY IN FAVOUR OF CAROLINE PULANE SEJAKE, IDENTITY NUMBER 600608 0679 08 3, UNMARRIED, IN RESPECT OF ERF 1338 PHIRITONA, DISTRICT HEILBRON, PROVINCE FREE STATE WHICH HAS BEEN LOST OR DESTROYED. APPLICANT: CP SEJAKE, STAND 1338 PHIRITONA, HEILBRON.
80. DEED OF TRANSFER NO. T13790/2009 PASSED BY NGWATHE LOCAL MUNICIPALITY IN FAVOUR OF NTSOAKI JEANETTE MOFOKENG, IDENTITY NUMBER 690728 0553 08 7 AND MOSIDI SAMUEL MOFOKENG, IDENTITY NUMBER 710801 5395 08 4, MARRIED IN COMMUNITY OF PROPERTY TO EACH OTHER, IN RESPECT OF ERF 2874 PHIRITONA EXTENSION 3, DISTRICT HEILBRON, PROVINCE FREE STATE WHICH HAS BEEN LOST OR DESTROYED. APPLICANT: NJ & MS MOFOKENG, STAND 2874 PHIRITONA EXTENSION 3, HEILBRON.
ALL INTERESTED PERSONS HAVING OBJECTION TO THE ISSUE OF SUCH COPY ARE HEREBY REQUIRED TO LODGE THE SAME IN WRITING WITH THE REGISTRAR OF DEEDS AT BLOEMFONTEIN WITHIN TWO WEEKS FROM THE DATE OF THE PUBLICATION OF THIS NOTICE.
DATED AT BLOEMFONTEIN THIS 28TH DAY OF NOVEMBER 2024.
STELLA SMITH
BOKWA LAW INC
121 PRESIDENT REITZ AVENUE
WESTDENE
BLOEMFONTEIN
9301
STELLA@BOKWALAW.CO.ZA
KENNISGEWINGS • NOTICES
